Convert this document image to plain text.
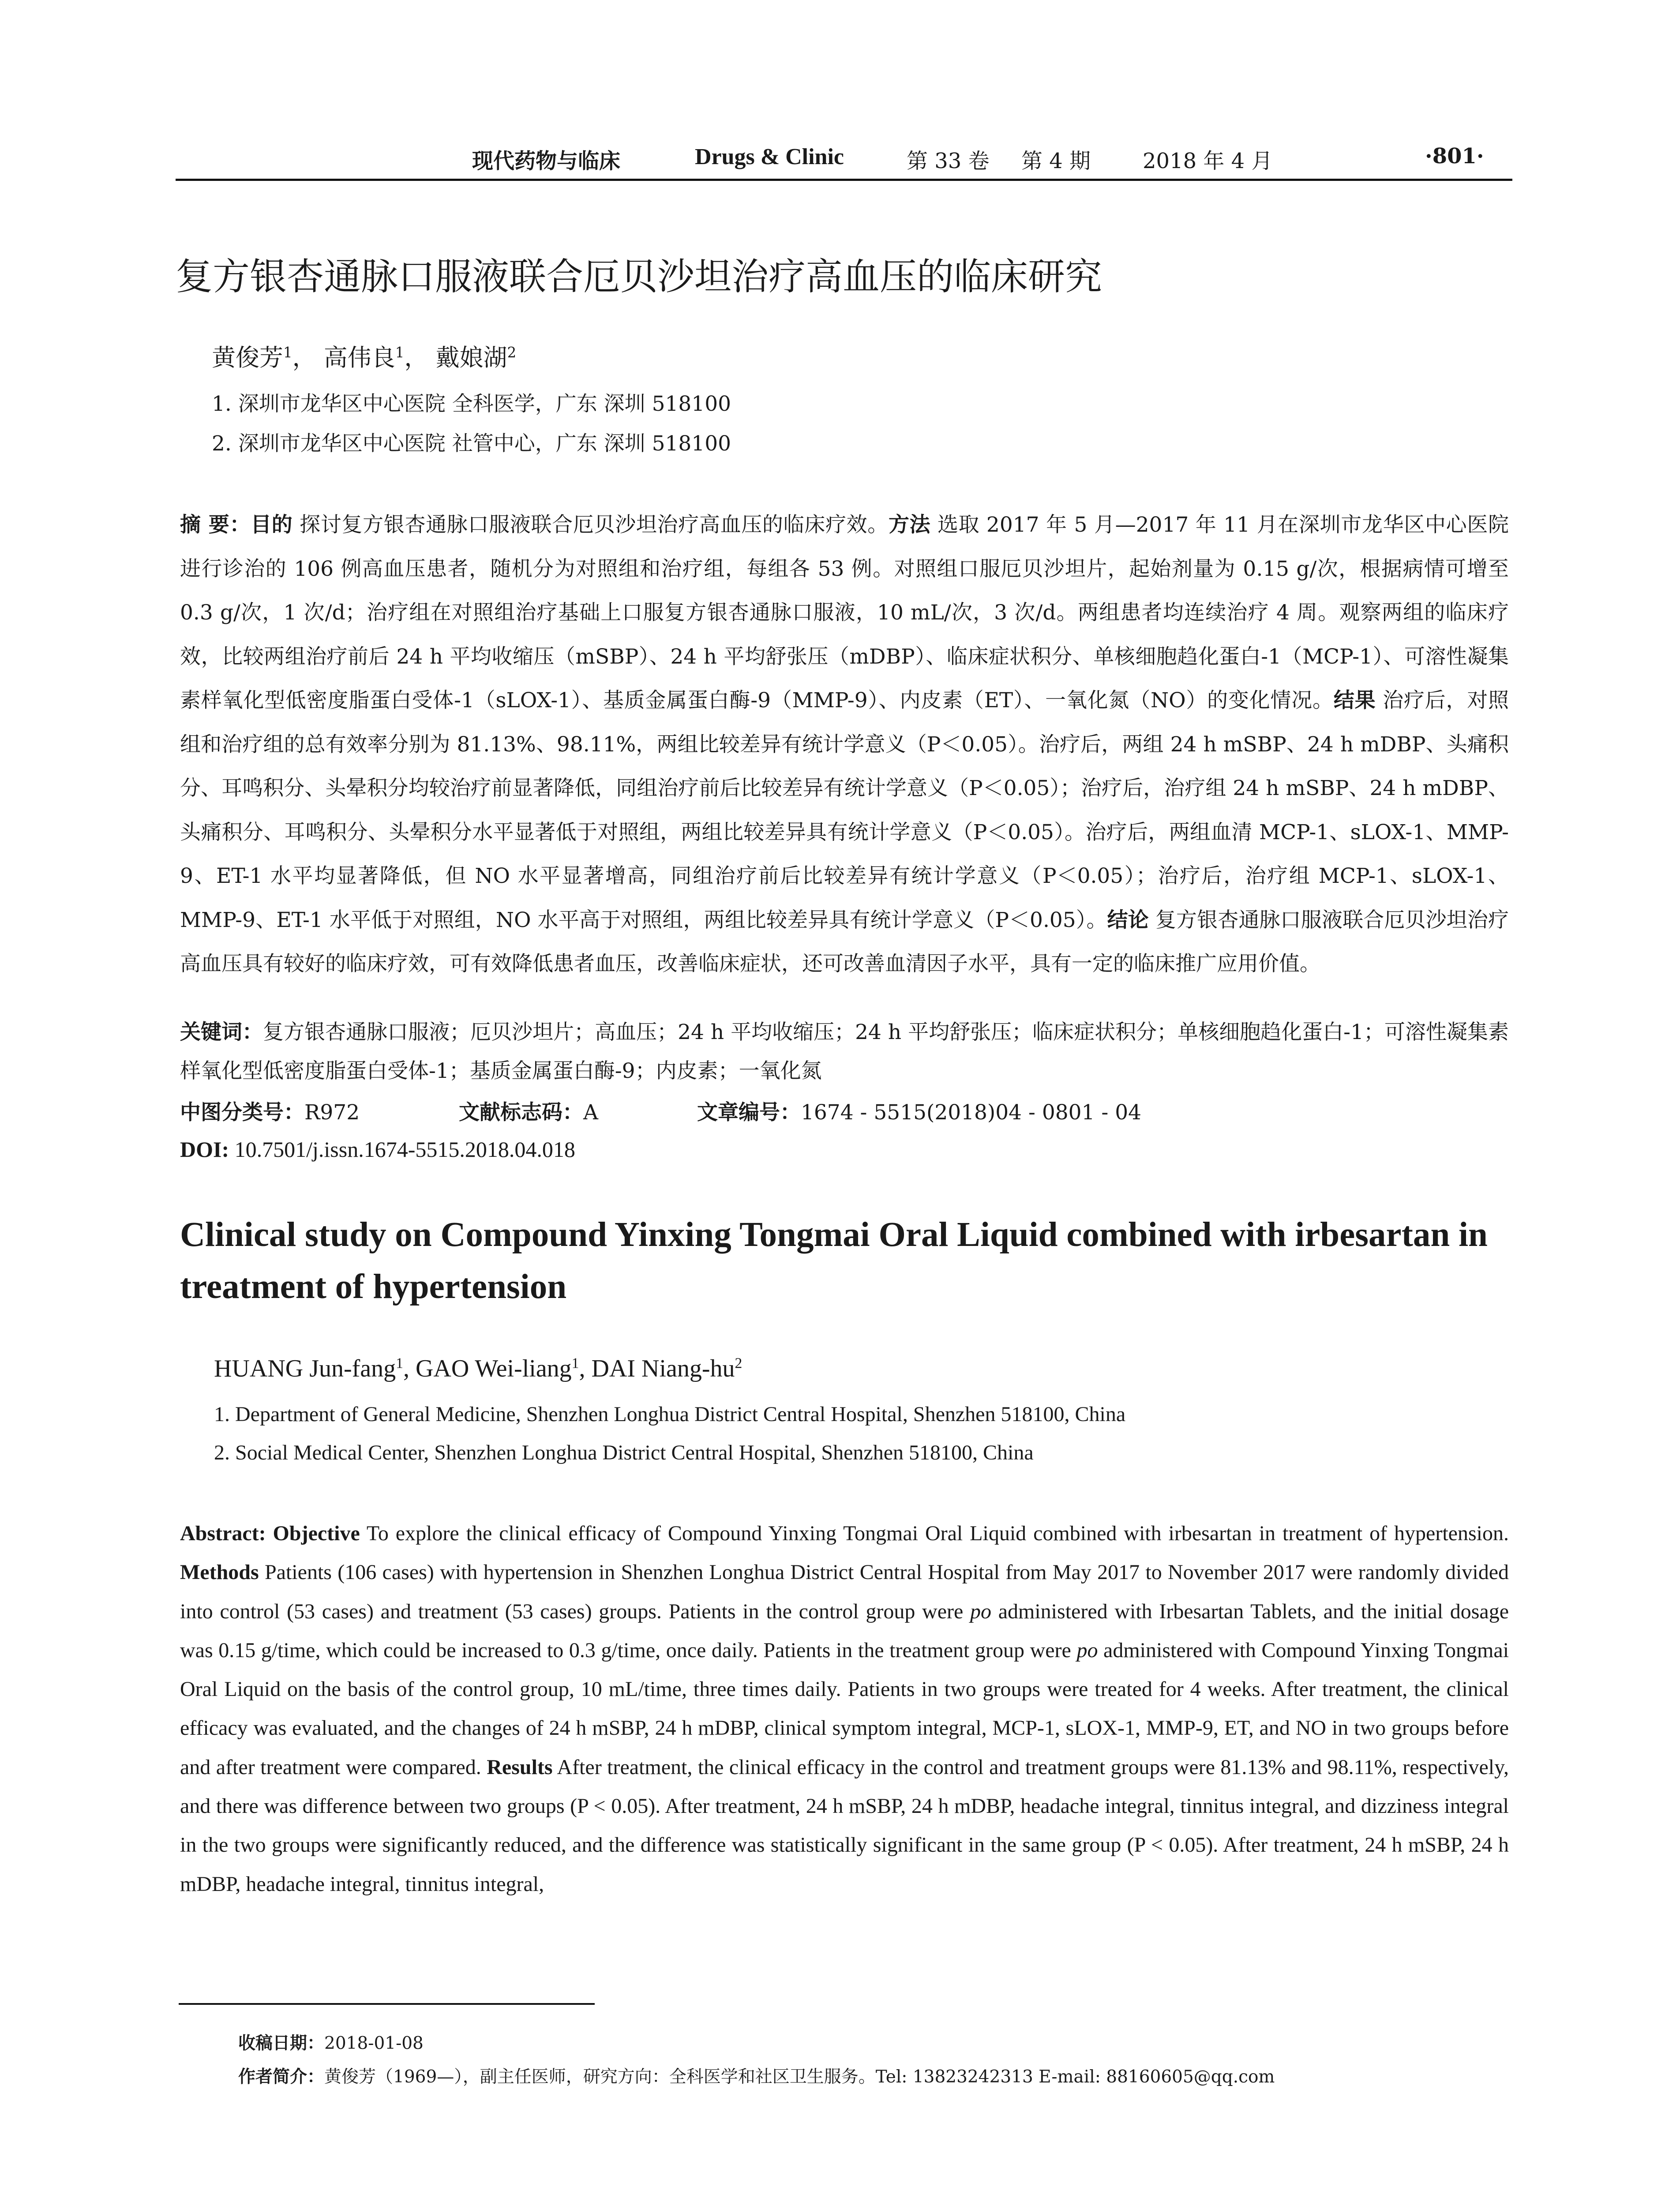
现代药物与临床	Drugs & Clinic	第 33 卷 第 4 期 2018 年 4 月	·801·
复方银杏通脉口服液联合厄贝沙坦治疗高血压的临床研究
黄俊芳$^1$， 高伟良$^1$， 戴娘湖$^2$
1. 深圳市龙华区中心医院 全科医学，广东 深圳 518100
2. 深圳市龙华区中心医院 社管中心，广东 深圳 518100
摘 要：目的 探讨复方银杏通脉口服液联合厄贝沙坦治疗高血压的临床疗效。方法 选取 2017 年 5 月—2017 年 11 月在深圳市龙华区中心医院进行诊治的 106 例高血压患者，随机分为对照组和治疗组，每组各 53 例。对照组口服厄贝沙坦片，起始剂量为 0.15 g/次，根据病情可增至 0.3 g/次，1 次/d；治疗组在对照组治疗基础上口服复方银杏通脉口服液，10 mL/次，3 次/d。两组患者均连续治疗 4 周。观察两组的临床疗效，比较两组治疗前后 24 h 平均收缩压（mSBP）、24 h 平均舒张压（mDBP）、临床症状积分、单核细胞趋化蛋白-1（MCP-1）、可溶性凝集素样氧化型低密度脂蛋白受体-1（sLOX-1）、基质金属蛋白酶-9（MMP-9）、内皮素（ET）、一氧化氮（NO）的变化情况。结果 治疗后，对照组和治疗组的总有效率分别为 81.13%、98.11%，两组比较差异有统计学意义（P＜0.05）。治疗后，两组 24 h mSBP、24 h mDBP、头痛积分、耳鸣积分、头晕积分均较治疗前显著降低，同组治疗前后比较差异有统计学意义（P＜0.05）；治疗后，治疗组 24 h mSBP、24 h mDBP、头痛积分、耳鸣积分、头晕积分水平显著低于对照组，两组比较差异具有统计学意义（P＜0.05）。治疗后，两组血清 MCP-1、sLOX-1、MMP-9、ET-1 水平均显著降低，但 NO 水平显著增高，同组治疗前后比较差异有统计学意义（P＜0.05）；治疗后，治疗组 MCP-1、sLOX-1、MMP-9、ET-1 水平低于对照组，NO 水平高于对照组，两组比较差异具有统计学意义（P＜0.05）。结论 复方银杏通脉口服液联合厄贝沙坦治疗高血压具有较好的临床疗效，可有效降低患者血压，改善临床症状，还可改善血清因子水平，具有一定的临床推广应用价值。
关键词：复方银杏通脉口服液；厄贝沙坦片；高血压；24 h 平均收缩压；24 h 平均舒张压；临床症状积分；单核细胞趋化蛋白-1；可溶性凝集素样氧化型低密度脂蛋白受体-1；基质金属蛋白酶-9；内皮素；一氧化氮
中图分类号：R972	文献标志码：A	文章编号：1674 - 5515(2018)04 - 0801 - 04
DOI: 10.7501/j.issn.1674-5515.2018.04.018
Clinical study on Compound Yinxing Tongmai Oral Liquid combined with irbesartan in treatment of hypertension
HUANG Jun-fang$^1$, GAO Wei-liang$^1$, DAI Niang-$hu^2$
1. Department of General Medicine, Shenzhen Longhua District Central Hospital, Shenzhen 518100, China
2. Social Medical Center, Shenzhen Longhua District Central Hospital, Shenzhen 518100, China
Abstract: Objective To explore the clinical efficacy of Compound Yinxing Tongmai Oral Liquid combined with irbesartan in treatment of hypertension. Methods Patients (106 cases) with hypertension in Shenzhen Longhua District Central Hospital from May 2017 to November 2017 were randomly divided into control (53 cases) and treatment (53 cases) groups. Patients in the control group were po administered with Irbesartan Tablets, and the initial dosage was 0.15 g/time, which could be increased to 0.3 g/time, once daily. Patients in the treatment group were po administered with Compound Yinxing Tongmai Oral Liquid on the basis of the control group, 10 mL/time, three times daily. Patients in two groups were treated for 4 weeks. After treatment, the clinical efficacy was evaluated, and the changes of 24 h mSBP, 24 h mDBP, clinical symptom integral, MCP-1, sLOX-1, MMP-9, ET, and NO in two groups before and after treatment were compared. Results After treatment, the clinical efficacy in the control and treatment groups were 81.13% and 98.11%, respectively, and there was difference between two groups (P < 0.05). After treatment, 24 h mSBP, 24 h mDBP, headache integral, tinnitus integral, and dizziness integral in the two groups were significantly reduced, and the difference was statistically significant in the same group (P < 0.05). After treatment, 24 h mSBP, 24 h mDBP, headache integral, tinnitus integral,
收稿日期：2018-01-08
作者简介：黄俊芳（1969—），副主任医师，研究方向：全科医学和社区卫生服务。Tel: 13823242313 E-mail: 88160605@qq.com
